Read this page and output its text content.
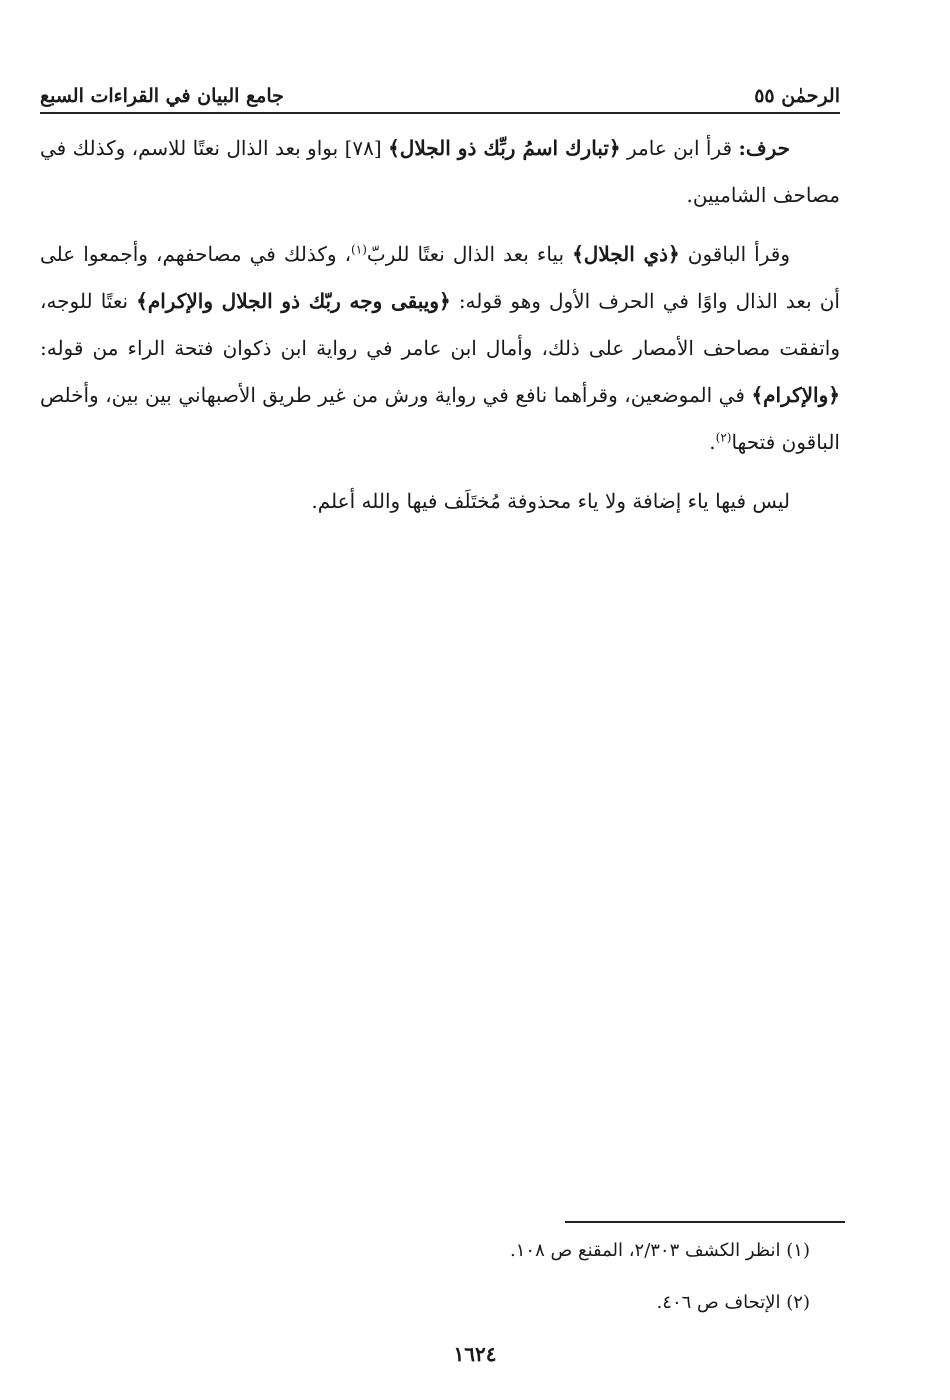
الرحمٰن ٥٥
جامع البيان في القراءات السبع

حرف: قرأ ابن عامر ﴿تبارك اسمُ ربِّك ذو الجلال﴾ [٧٨] بواو بعد الذال نعتًا للاسم، وكذلك في مصاحف الشاميين.

وقرأ الباقون ﴿ذي الجلال﴾ بياء بعد الذال نعتًا للربّ$^{(١)}$، وكذلك في مصاحفهم، وأجمعوا على أن بعد الذال واوًا في الحرف الأول وهو قوله: ﴿ويبقى وجه ربّك ذو الجلال والإكرام﴾ نعتًا للوجه، واتفقت مصاحف الأمصار على ذلك، وأمال ابن عامر في رواية ابن ذكوان فتحة الراء من قوله: ﴿والإكرام﴾ في الموضعين، وقرأهما نافع في رواية ورش من غير طريق الأصبهاني بين بين، وأخلص الباقون فتحها$^{(٢)}$.

ليس فيها ياء إضافة ولا ياء محذوفة مُختَلَف فيها والله أعلم.

(١) انظر الكشف ٢/٣٠٣، المقنع ص ١٠٨.

(٢) الإتحاف ص ٤٠٦.

١٦٢٤
